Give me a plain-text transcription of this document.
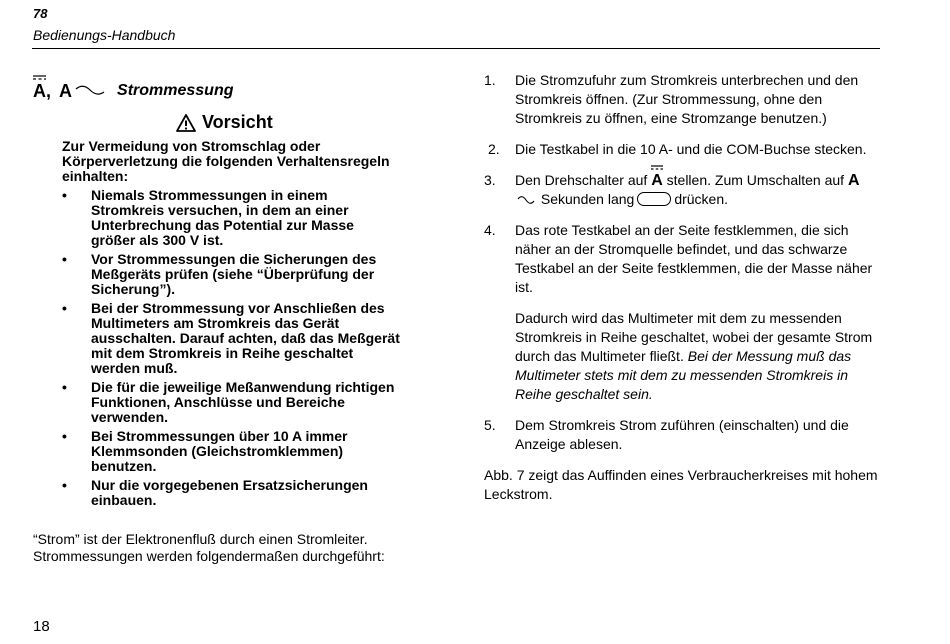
78
Bedienungs-Handbuch
A , A	Strommessung
Vorsicht
Zur Vermeidung von Stromschlag oder Körperverletzung die folgenden Verhaltensregeln einhalten:
• Niemals Strommessungen in einem Stromkreis versuchen, in dem an einer Unterbrechung das Potential zur Masse größer als 300 V ist.
• Vor Strommessungen die Sicherungen des Meßgeräts prüfen (siehe “Überprüfung der Sicherung”).
• Bei der Strommessung vor Anschließen des Multimeters am Stromkreis das Gerät ausschalten. Darauf achten, daß das Meßgerät mit dem Stromkreis in Reihe geschaltet werden muß.
• Die für die jeweilige Meßanwendung richtigen Funktionen, Anschlüsse und Bereiche verwenden.
• Bei Strommessungen über 10 A immer Klemmsonden (Gleichstromklemmen) benutzen.
• Nur die vorgegebenen Ersatzsicherungen einbauen.
“Strom” ist der Elektronenfluß durch einen Stromleiter. Strommessungen werden folgendermaßen durchgeführt:
18
1.	Die Stromzufuhr zum Stromkreis unterbrechen und den Stromkreis öffnen. (Zur Strommessung, ohne den Stromkreis zu öffnen, eine Stromzange benutzen.)
2.	Die Testkabel in die 10 A- und die COM-Buchse stecken.
3.	Den Drehschalter auf A stellen. Zum Umschalten auf A Sekunden lang	drücken.
4.	Das rote Testkabel an der Seite festklemmen, die sich näher an der Stromquelle befindet, und das schwarze Testkabel an der Seite festklemmen, die der Masse näher ist.
Dadurch wird das Multimeter mit dem zu messenden Stromkreis in Reihe geschaltet, wobei der gesamte Strom durch das Multimeter fließt. Bei der Messung muß das Multimeter stets mit dem zu messenden Stromkreis in Reihe geschaltet sein.
5.	Dem Stromkreis Strom zuführen (einschalten) und die Anzeige ablesen.
Abb. 7 zeigt das Auffinden eines Verbraucherkreises mit hohem Leckstrom.
